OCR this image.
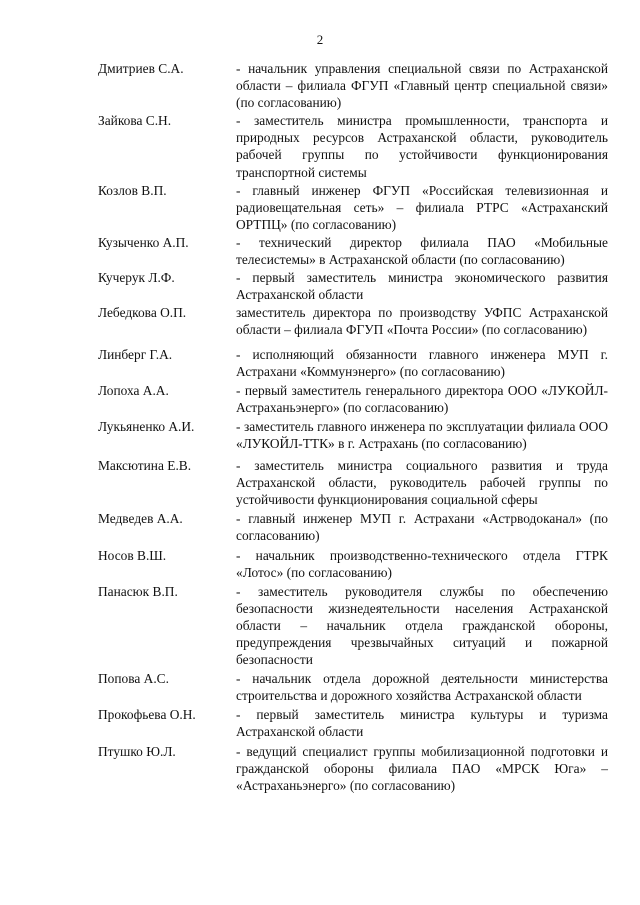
2
Дмитриев С.А.	- начальник управления специальной связи по Астраханской области – филиала ФГУП «Главный центр специальной связи» (по согласованию)
Зайкова С.Н.	- заместитель министра промышленности, транспорта и природных ресурсов Астраханской области, руководитель рабочей группы по устойчивости функционирования транспортной системы
Козлов В.П.	- главный инженер ФГУП «Российская телевизионная и радиовещательная сеть» – филиала РТРС «Астраханский ОРТПЦ» (по согласованию)
Кузыченко А.П.	- технический директор филиала ПАО «Мобильные телесистемы» в Астраханской области (по согласованию)
Кучерук Л.Ф.	- первый заместитель министра экономического развития Астраханской области
Лебедкова О.П.	заместитель директора по производству УФПС Астраханской области – филиала ФГУП «Почта России» (по согласованию)
Линберг Г.А.	- исполняющий обязанности главного инженера МУП г. Астрахани «Коммунэнерго» (по согласованию)
Лопоха А.А.	- первый заместитель генерального директора ООО «ЛУКОЙЛ-Астраханьэнерго» (по согласованию)
Лукьяненко А.И.	- заместитель главного инженера по эксплуатации филиала ООО «ЛУКОЙЛ-ТТК» в г. Астрахань (по согласованию)
Максютина Е.В.	- заместитель министра социального развития и труда Астраханской области, руководитель рабочей группы по устойчивости функционирования социальной сферы
Медведев А.А.	- главный инженер МУП г. Астрахани «Астрводоканал» (по согласованию)
Носов В.Ш.	- начальник производственно-технического отдела ГТРК «Лотос» (по согласованию)
Панасюк В.П.	- заместитель руководителя службы по обеспечению безопасности жизнедеятельности населения Астраханской области – начальник отдела гражданской обороны, предупреждения чрезвычайных ситуаций и пожарной безопасности
Попова А.С.	- начальник отдела дорожной деятельности министерства строительства и дорожного хозяйства Астраханской области
Прокофьева О.Н.	- первый заместитель министра культуры и туризма Астраханской области
Птушко Ю.Л.	- ведущий специалист группы мобилизационной подготовки и гражданской обороны филиала ПАО «МРСК Юга» – «Астраханьэнерго» (по согласованию)
